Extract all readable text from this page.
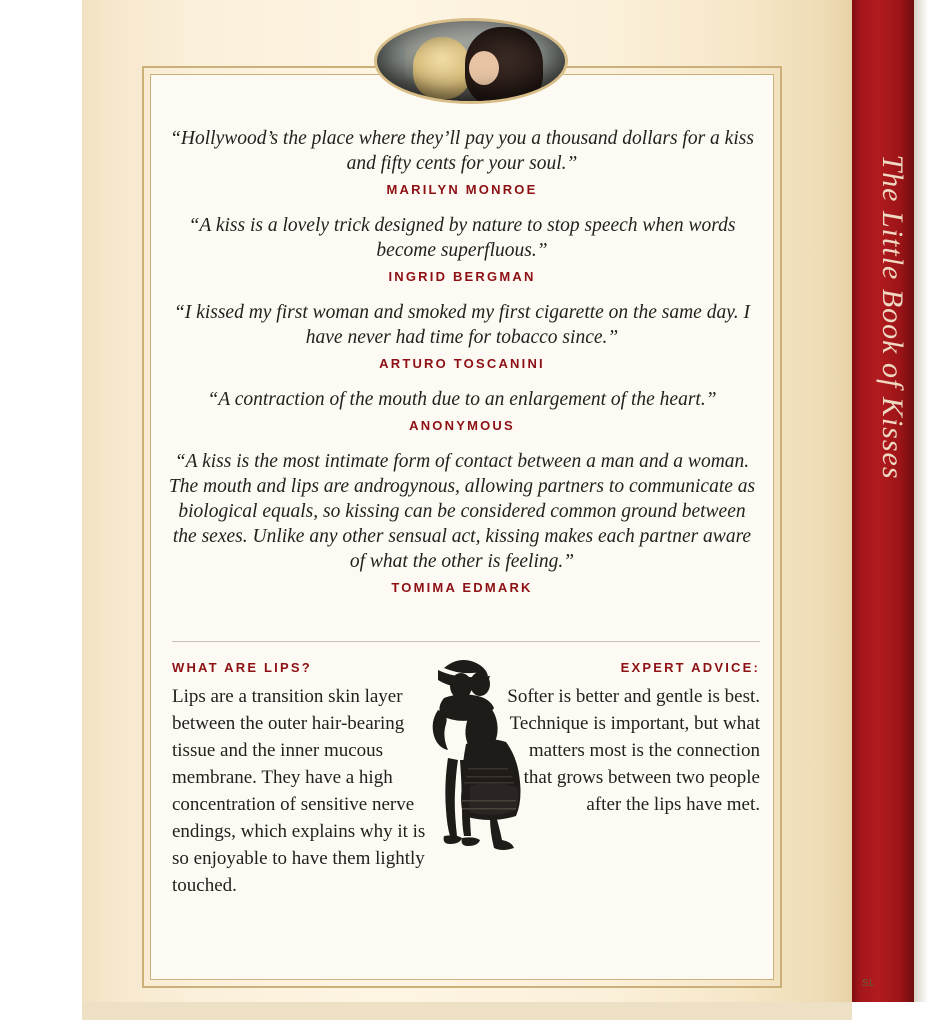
The Little Book of Kisses
SL

“Hollywood’s the place where they’ll pay you a thousand dollars for a kiss and fifty cents for your soul.”

MARILYN MONROE

“A kiss is a lovely trick designed by nature to stop speech when words become superfluous.”

INGRID BERGMAN

“I kissed my first woman and smoked my first cigarette on the same day. I have never had time for tobacco since.”

ARTURO TOSCANINI

“A contraction of the mouth due to an enlargement of the heart.”

ANONYMOUS

“A kiss is the most intimate form of contact between a man and a woman. The mouth and lips are androgynous, allowing partners to communicate as biological equals, so kissing can be considered common ground between the sexes. Unlike any other sensual act, kissing makes each partner aware of what the other is feeling.”

TOMIMA EDMARK
WHAT ARE LIPS?
Lips are a transition skin layer between the outer hair-bearing tissue and the inner mucous membrane. They have a high concentration of sensitive nerve endings, which explains why it is so enjoyable to have them lightly touched.
EXPERT ADVICE:
Softer is better and gentle is best. Technique is important, but what matters most is the connection that grows between two people after the lips have met.
